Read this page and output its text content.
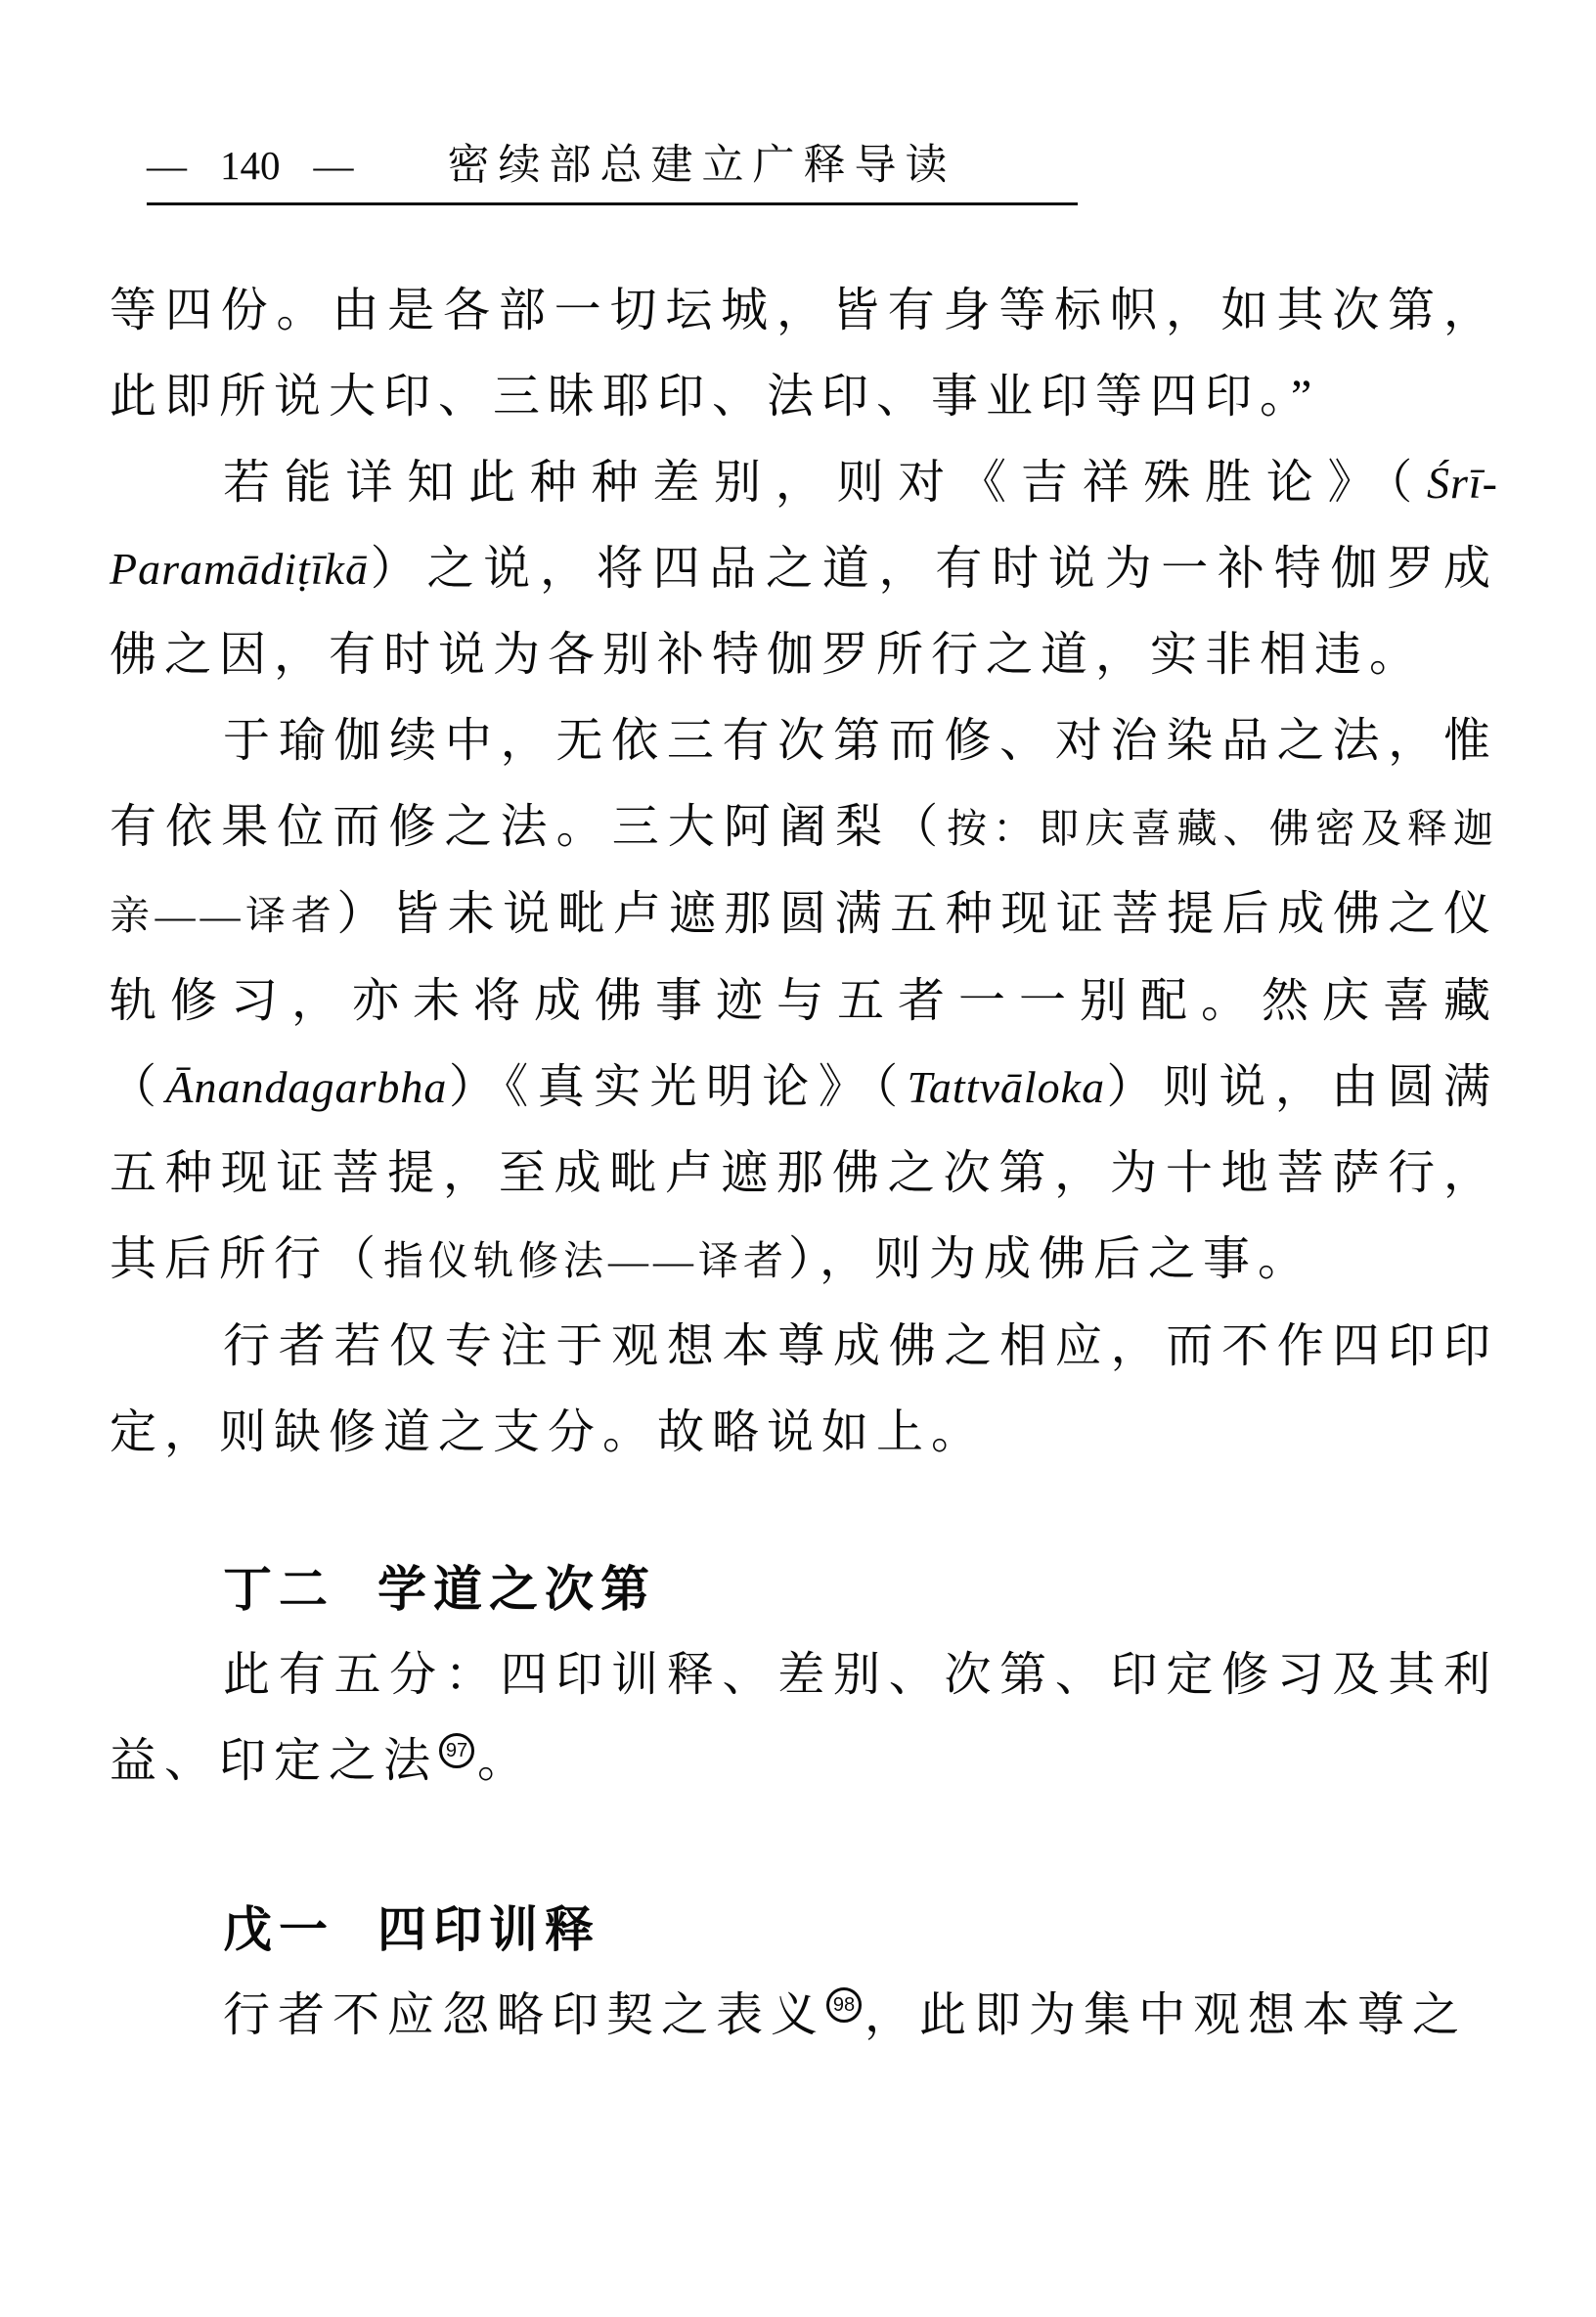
— 140 — 密续部总建立广释导读

等四份。由是各部一切坛城，皆有身等标帜，如其次第，此即所说大印、三昧耶印、法印、事业印等四印。”

若能详知此种种差别，则对《吉祥殊胜论》（Śrī-Paramādiṭīkā）之说，将四品之道，有时说为一补特伽罗成佛之因，有时说为各别补特伽罗所行之道，实非相违。

于瑜伽续中，无依三有次第而修、对治染品之法，惟有依果位而修之法。三大阿阇梨（按：即庆喜藏、佛密及释迦亲——译者）皆未说毗卢遮那圆满五种现证菩提后成佛之仪轨修习，亦未将成佛事迹与五者一一别配。然庆喜藏（Ānandagarbha）《真实光明论》（Tattvāloka）则说，由圆满五种现证菩提，至成毗卢遮那佛之次第，为十地菩萨行，其后所行（指仪轨修法——译者），则为成佛后之事。

行者若仅专注于观想本尊成佛之相应，而不作四印印定，则缺修道之支分。故略说如上。

丁二 学道之次第

此有五分：四印训释、差别、次第、印定修习及其利益、印定之法 $^{97}$ 。

戊一 四印训释

行者不应忽略印契之表义 $^{98}$ ，此即为集中观想本尊之
